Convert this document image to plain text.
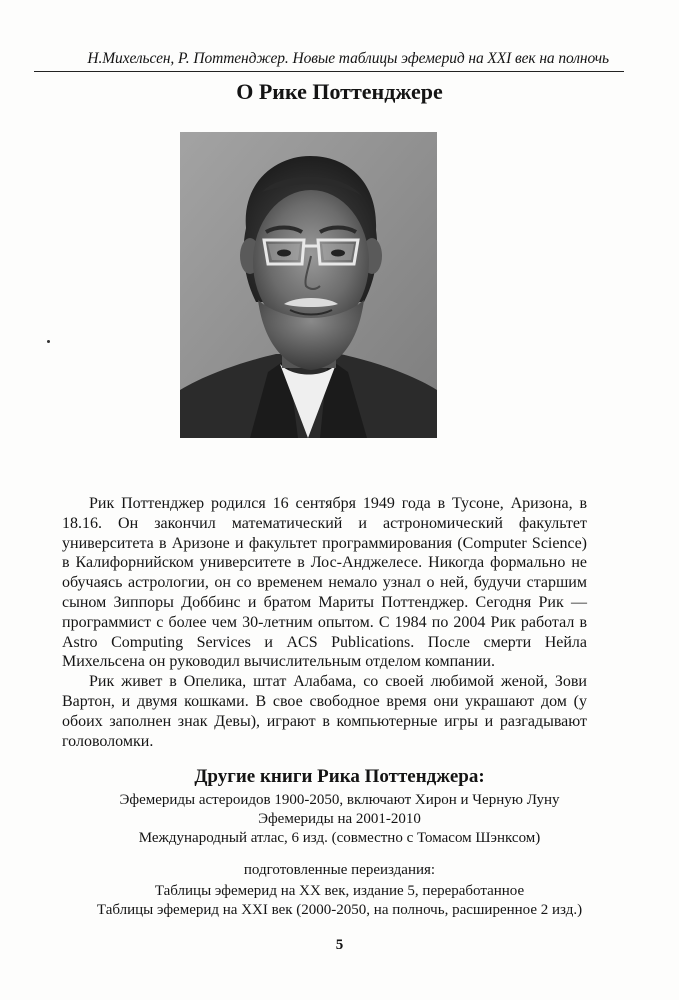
Н.Михельсен, Р. Поттенджер. Новые таблицы эфемерид на XXI век на полночь
О Рике Поттенджере

Рик Поттенджер родился 16 сентября 1949 года в Тусоне, Аризона, в 18.16. Он закончил математический и астрономический факультет университета в Аризоне и факультет программирования (Computer Science) в Калифорнийском университете в Лос-Анджелесе. Никогда формально не обучаясь астрологии, он со временем немало узнал о ней, будучи старшим сыном Зиппоры Доббинс и братом Мариты Поттенджер. Сегодня Рик — программист с более чем 30-летним опытом. С 1984 по 2004 Рик работал в Astro Computing Services и ACS Publications. После смерти Нейла Михельсена он руководил вычислительным отделом компании.

Рик живет в Опелика, штат Алабама, со своей любимой женой, Зови Вартон, и двумя кошками. В свое свободное время они украшают дом (у обоих заполнен знак Девы), играют в компьютерные игры и разгадывают головоломки.

Другие книги Рика Поттенджера:
Эфемериды астероидов 1900-2050, включают Хирон и Черную Луну
Эфемериды на 2001-2010
Международный атлас, 6 изд. (совместно с Томасом Шэнксом)
подготовленные переиздания:
Таблицы эфемерид на XX век, издание 5, переработанное
Таблицы эфемерид на XXI век (2000-2050, на полночь, расширенное 2 изд.)
5
